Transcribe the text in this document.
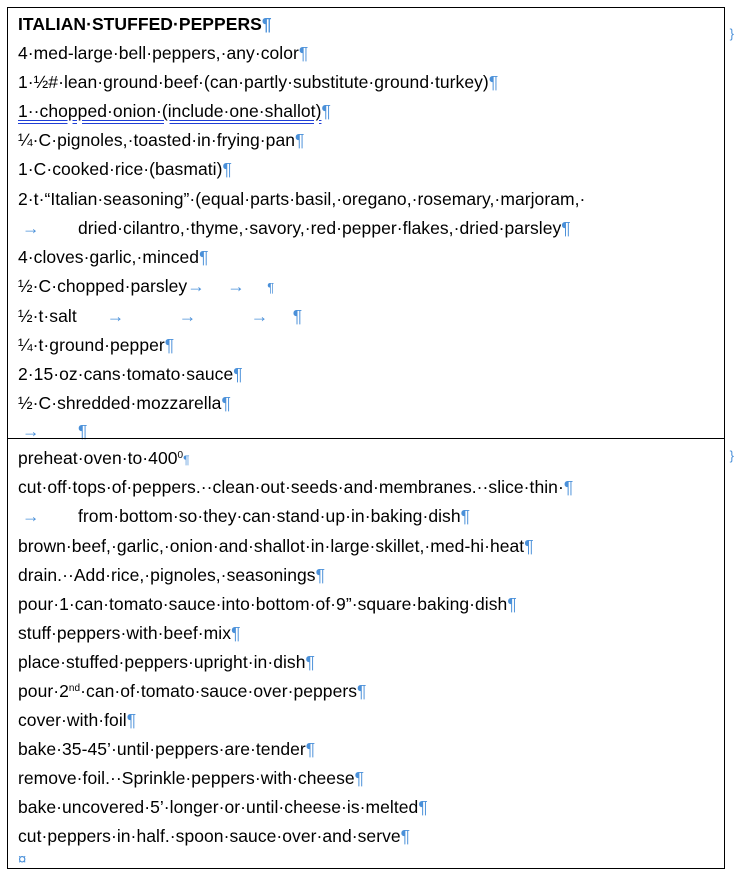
}
}
ITALIAN·STUFFED·PEPPERS¶
4·med-large·bell·peppers,·any·color¶
1·½#·lean·ground·beef·(can·partly·substitute·ground·turkey)¶
1··chopped·onion·(include·one·shallot)¶
¼·C·pignoles,·toasted·in·frying·pan¶
1·C·cooked·rice·(basmati)¶
2·t·“Italian·seasoning”·(equal·parts·basil,·oregano,·rosemary,·marjoram,·
→ dried·cilantro,·thyme,·savory,·red·pepper·flakes,·dried·parsley¶
4·cloves·garlic,·minced¶
½·C·chopped·parsley→ → ¶
½·t·salt →	→	→ ¶
¼·t·ground·pepper¶
2·15·oz·cans·tomato·sauce¶
½·C·shredded·mozzarella¶
→ ¶
$preheat\cdot oven\cdot to\cdot 400^0\P$
cut·off·tops·of·peppers.··clean·out·seeds·and·membranes.··slice·thin·¶
→ from·bottom·so·they·can·stand·up·in·baking·dish¶
brown·beef,·garlic,·onion·and·shallot·in·large·skillet,·med-hi·heat¶
drain.··Add·rice,·pignoles,·seasonings¶
pour·1·can·tomato·sauce·into·bottom·of·9”·square·baking·dish¶
stuff·peppers·with·beef·mix¶
place·stuffed·peppers·upright·in·dish¶
pour·2nd·can·of·tomato·sauce·over·peppers¶
cover·with·foil¶
bake·35-45’·until·peppers·are·tender¶
remove·foil.··Sprinkle·peppers·with·cheese¶
bake·uncovered·5’·longer·or·until·cheese·is·melted¶
cut·peppers·in·half.·spoon·sauce·over·and·serve¶
¤
